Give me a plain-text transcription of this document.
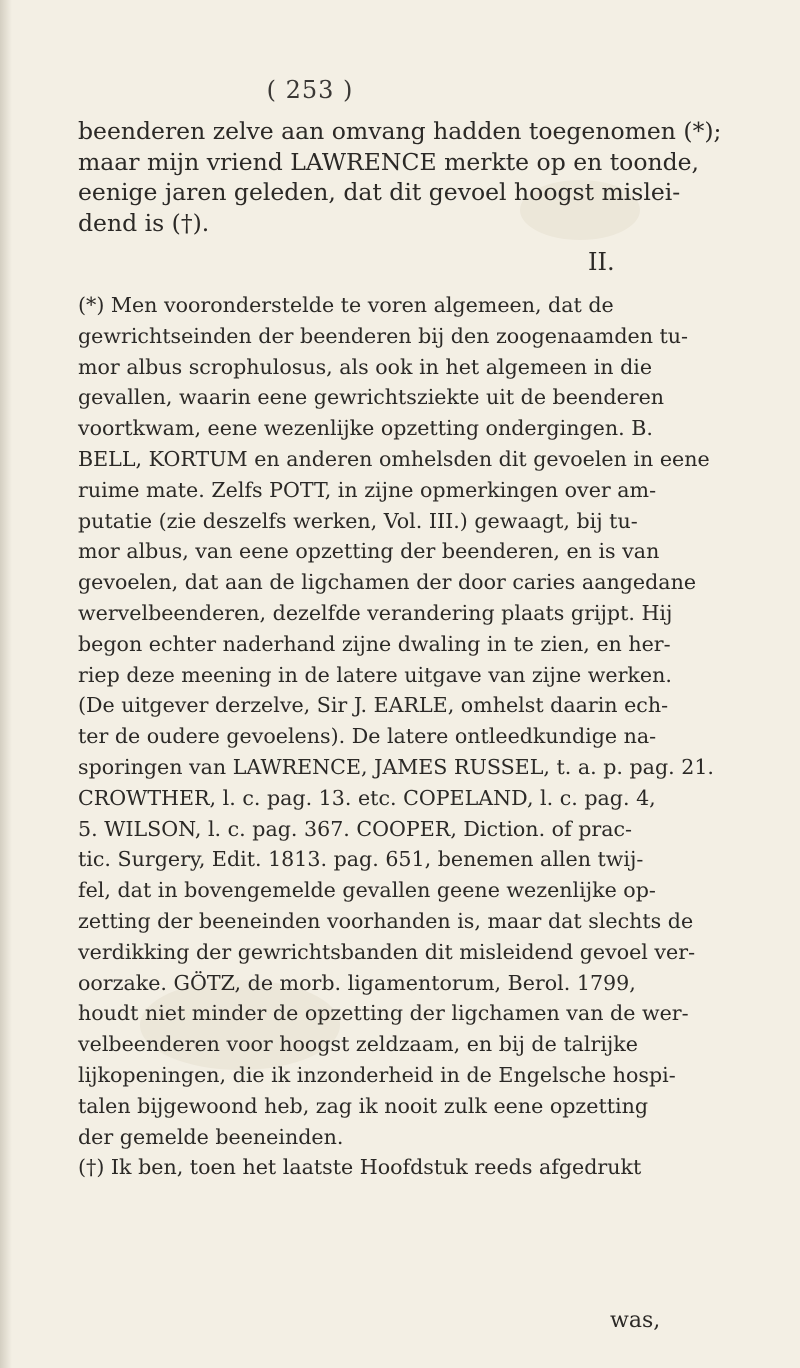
( 253 )
beenderen zelve aan omvang hadden toegenomen (*);
maar mijn vriend LAWRENCE merkte op en toonde,
eenige jaren geleden, dat dit gevoel hoogst mislei-
dend is (†).
II.
(*) Men vooronderstelde te voren algemeen, dat de
gewrichtseinden der beenderen bij den zoogenaamden tu-
mor albus scrophulosus, als ook in het algemeen in die
gevallen, waarin eene gewrichtsziekte uit de beenderen
voortkwam, eene wezenlijke opzetting ondergingen. B.
BELL, KORTUM en anderen omhelsden dit gevoelen in eene
ruime mate. Zelfs POTT, in zijne opmerkingen over am-
putatie (zie deszelfs werken, Vol. III.) gewaagt, bij tu-
mor albus, van eene opzetting der beenderen, en is van
gevoelen, dat aan de ligchamen der door caries aangedane
wervelbeenderen, dezelfde verandering plaats grijpt. Hij
begon echter naderhand zijne dwaling in te zien, en her-
riep deze meening in de latere uitgave van zijne werken.
(De uitgever derzelve, Sir J. EARLE, omhelst daarin ech-
ter de oudere gevoelens). De latere ontleedkundige na-
sporingen van LAWRENCE, JAMES RUSSEL, t. a. p. pag. 21.
CROWTHER, l. c. pag. 13. etc. COPELAND, l. c. pag. 4,
5. WILSON, l. c. pag. 367. COOPER, Diction. of prac-
tic. Surgery, Edit. 1813. pag. 651, benemen allen twij-
fel, dat in bovengemelde gevallen geene wezenlijke op-
zetting der beeneinden voorhanden is, maar dat slechts de
verdikking der gewrichtsbanden dit misleidend gevoel ver-
oorzake. GÖTZ, de morb. ligamentorum, Berol. 1799,
houdt niet minder de opzetting der ligchamen van de wer-
velbeenderen voor hoogst zeldzaam, en bij de talrijke
lijkopeningen, die ik inzonderheid in de Engelsche hospi-
talen bijgewoond heb, zag ik nooit zulk eene opzetting
der gemelde beeneinden.
(†) Ik ben, toen het laatste Hoofdstuk reeds afgedrukt
was,
